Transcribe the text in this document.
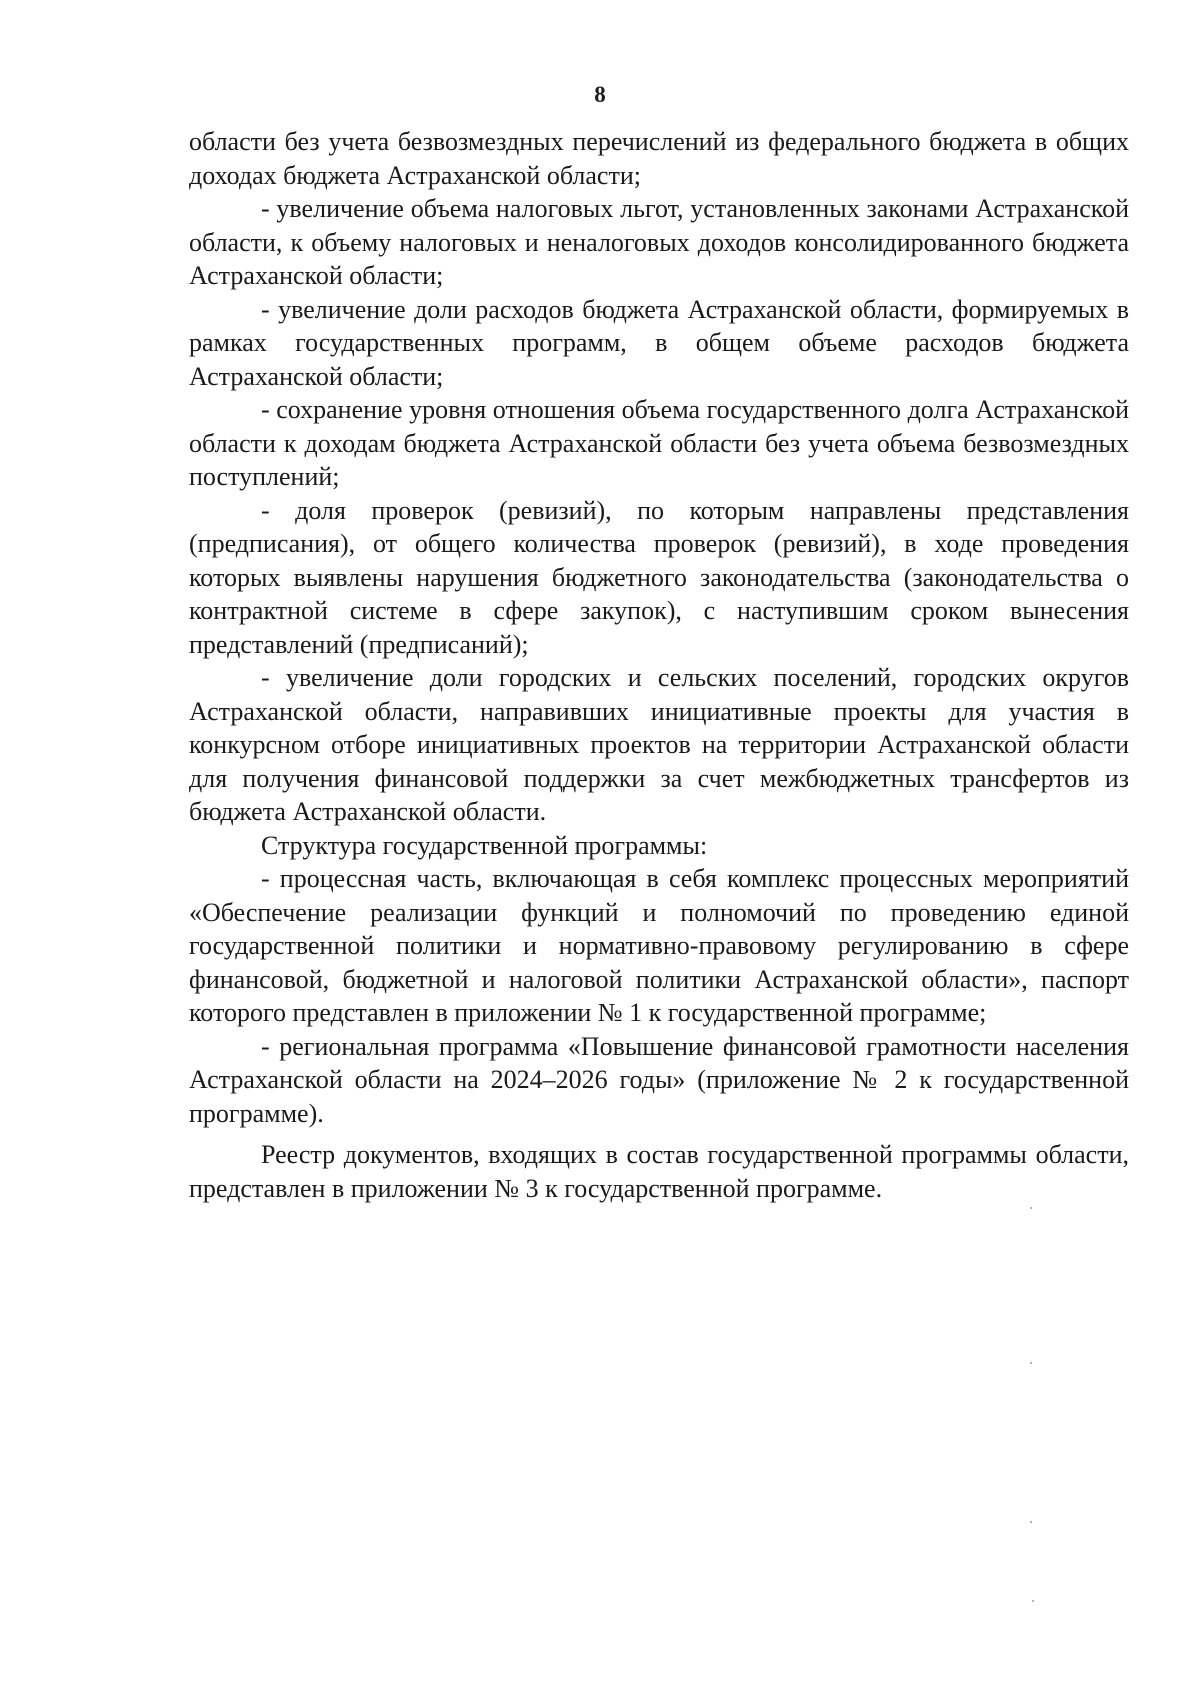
8

области без учета безвозмездных перечислений из федерального бюджета в общих доходах бюджета Астраханской области;

- увеличение объема налоговых льгот, установленных законами Астраханской области, к объему налоговых и неналоговых доходов консолидированного бюджета Астраханской области;

- увеличение доли расходов бюджета Астраханской области, формируемых в рамках государственных программ, в общем объеме расходов бюджета Астраханской области;

- сохранение уровня отношения объема государственного долга Астраханской области к доходам бюджета Астраханской области без учета объема безвозмездных поступлений;

- доля проверок (ревизий), по которым направлены представления (предписания), от общего количества проверок (ревизий), в ходе проведения которых выявлены нарушения бюджетного законодательства (законодательства о контрактной системе в сфере закупок), с наступившим сроком вынесения представлений (предписаний);

- увеличение доли городских и сельских поселений, городских округов Астраханской области, направивших инициативные проекты для участия в конкурсном отборе инициативных проектов на территории Астраханской области для получения финансовой поддержки за счет межбюджетных трансфертов из бюджета Астраханской области.

Структура государственной программы:

- процессная часть, включающая в себя комплекс процессных мероприятий «Обеспечение реализации функций и полномочий по проведению единой государственной политики и нормативно-правовому регулированию в сфере финансовой, бюджетной и налоговой политики Астраханской области», паспорт которого представлен в приложении № 1 к государственной программе;

- региональная программа «Повышение финансовой грамотности населения Астраханской области на 2024–2026 годы» (приложение № 2 к государственной программе).

Реестр документов, входящих в состав государственной программы области, представлен в приложении № 3 к государственной программе.
